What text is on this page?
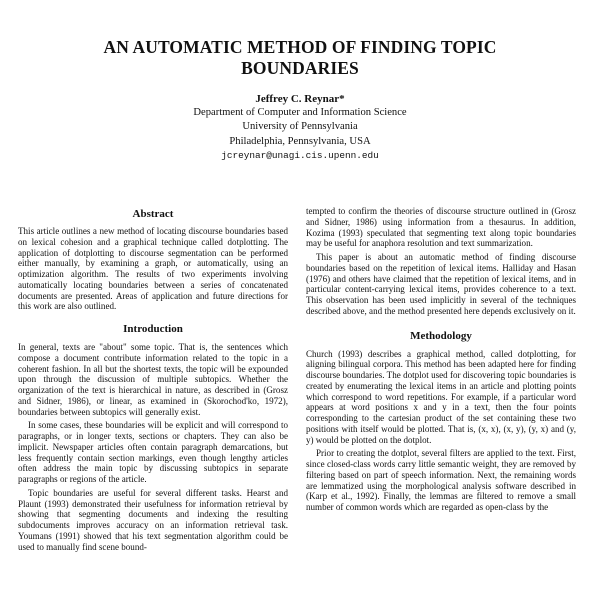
AN AUTOMATIC METHOD OF FINDING TOPIC
BOUNDARIES
Jeffrey C. Reynar*
Department of Computer and Information Science
University of Pennsylvania
Philadelphia, Pennsylvania, USA
jcreynar@unagi.cis.upenn.edu
Abstract

This article outlines a new method of locating discourse boundaries based on lexical cohesion and a graphical technique called dotplotting. The application of dotplotting to discourse segmentation can be performed either manually, by examining a graph, or automatically, using an optimization algorithm. The results of two experiments involving automatically locating boundaries between a series of concatenated documents are presented. Areas of application and future directions for this work are also outlined.

Introduction

In general, texts are "about" some topic. That is, the sentences which compose a document contribute information related to the topic in a coherent fashion. In all but the shortest texts, the topic will be expounded upon through the discussion of multiple subtopics. Whether the organization of the text is hierarchical in nature, as described in (Grosz and Sidner, 1986), or linear, as examined in (Skorochod'ko, 1972), boundaries between subtopics will generally exist.

In some cases, these boundaries will be explicit and will correspond to paragraphs, or in longer texts, sections or chapters. They can also be implicit. Newspaper articles often contain paragraph demarcations, but less frequently contain section markings, even though lengthy articles often address the main topic by discussing subtopics in separate paragraphs or regions of the article.

Topic boundaries are useful for several different tasks. Hearst and Plaunt (1993) demonstrated their usefulness for information retrieval by showing that segmenting documents and indexing the resulting subdocuments improves accuracy on an information retrieval task. Youmans (1991) showed that his text segmentation algorithm could be used to manually find scene bound-

tempted to confirm the theories of discourse structure outlined in (Grosz and Sidner, 1986) using information from a thesaurus. In addition, Kozima (1993) speculated that segmenting text along topic boundaries may be useful for anaphora resolution and text summarization.

This paper is about an automatic method of finding discourse boundaries based on the repetition of lexical items. Halliday and Hasan (1976) and others have claimed that the repetition of lexical items, and in particular content-carrying lexical items, provides coherence to a text. This observation has been used implicitly in several of the techniques described above, and the method presented here depends exclusively on it.

Methodology

Church (1993) describes a graphical method, called dotplotting, for aligning bilingual corpora. This method has been adapted here for finding discourse boundaries. The dotplot used for discovering topic boundaries is created by enumerating the lexical items in an article and plotting points which correspond to word repetitions. For example, if a particular word appears at word positions x and y in a text, then the four points corresponding to the cartesian product of the set containing these two positions with itself would be plotted. That is, (x, x), (x, y), (y, x) and (y, y) would be plotted on the dotplot.

Prior to creating the dotplot, several filters are applied to the text. First, since closed-class words carry little semantic weight, they are removed by filtering based on part of speech information. Next, the remaining words are lemmatized using the morphological analysis software described in (Karp et al., 1992). Finally, the lemmas are filtered to remove a small number of common words which are regarded as open-class by the
